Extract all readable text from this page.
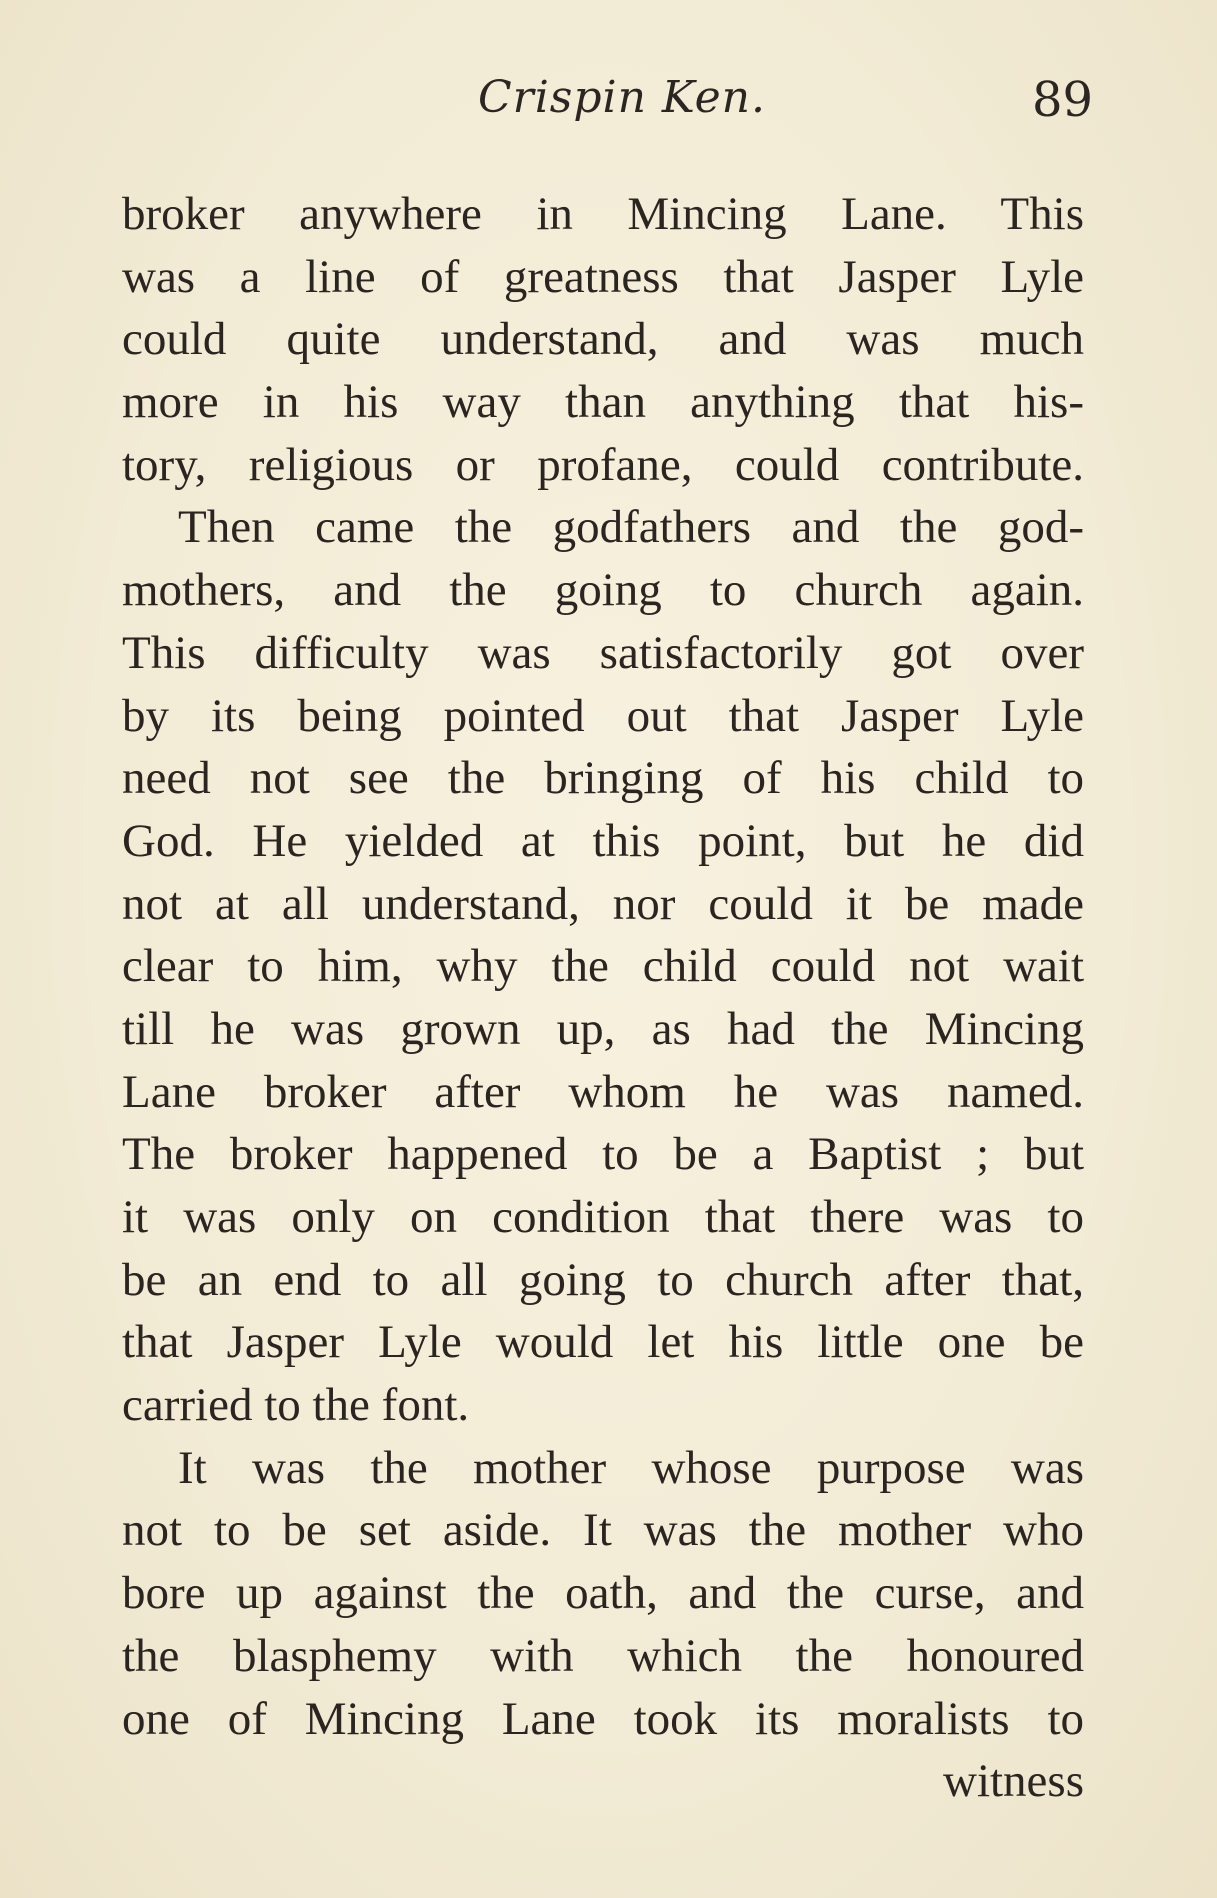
Crispin Ken.	89
broker anywhere in Mincing Lane. This
was a line of greatness that Jasper Lyle
could quite understand, and was much
more in his way than anything that his-
tory, religious or profane, could contribute.
Then came the godfathers and the god-
mothers, and the going to church again.
This difficulty was satisfactorily got over
by its being pointed out that Jasper Lyle
need not see the bringing of his child to
God. He yielded at this point, but he did
not at all understand, nor could it be made
clear to him, why the child could not wait
till he was grown up, as had the Mincing
Lane broker after whom he was named.
The broker happened to be a Baptist ; but
it was only on condition that there was to
be an end to all going to church after that,
that Jasper Lyle would let his little one be
carried to the font.
It was the mother whose purpose was
not to be set aside. It was the mother who
bore up against the oath, and the curse, and
the blasphemy with which the honoured
one of Mincing Lane took its moralists to
witness
